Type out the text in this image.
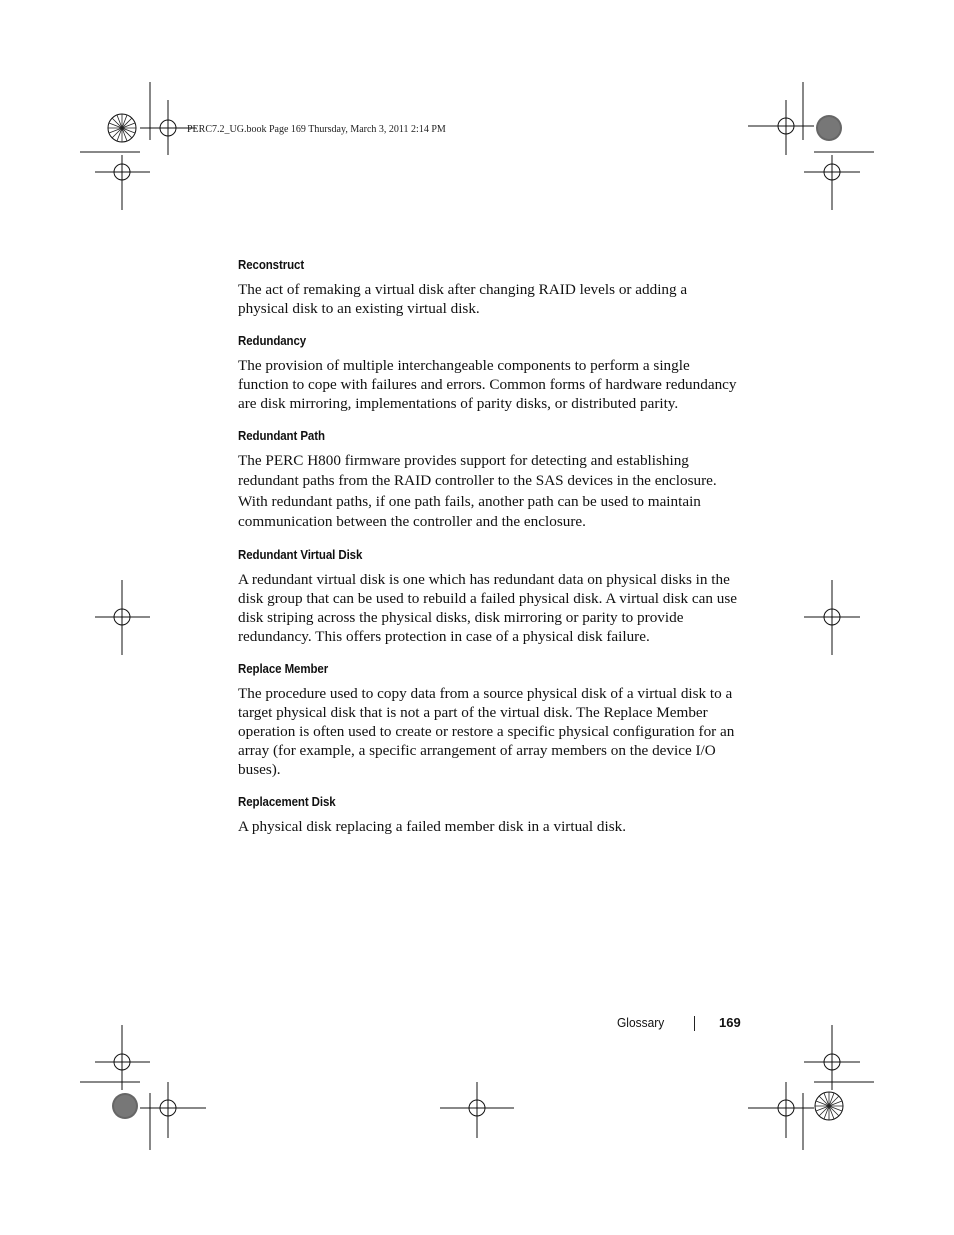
PERC7.2_UG.book Page 169 Thursday, March 3, 2011 2:14 PM
Reconstruct

The act of remaking a virtual disk after changing RAID levels or adding a physical disk to an existing virtual disk.

Redundancy

The provision of multiple interchangeable components to perform a single function to cope with failures and errors. Common forms of hardware redundancy are disk mirroring, implementations of parity disks, or distributed parity.

Redundant Path

The PERC H800 firmware provides support for detecting and establishing redundant paths from the RAID controller to the SAS devices in the enclosure. With redundant paths, if one path fails, another path can be used to maintain communication between the controller and the enclosure.

Redundant Virtual Disk

A redundant virtual disk is one which has redundant data on physical disks in the disk group that can be used to rebuild a failed physical disk. A virtual disk can use disk striping across the physical disks, disk mirroring or parity to provide redundancy. This offers protection in case of a physical disk failure.

Replace Member

The procedure used to copy data from a source physical disk of a virtual disk to a target physical disk that is not a part of the virtual disk. The Replace Member operation is often used to create or restore a specific physical configuration for an array (for example, a specific arrangement of array members on the device I/O buses).

Replacement Disk

A physical disk replacing a failed member disk in a virtual disk.

Glossary	169
